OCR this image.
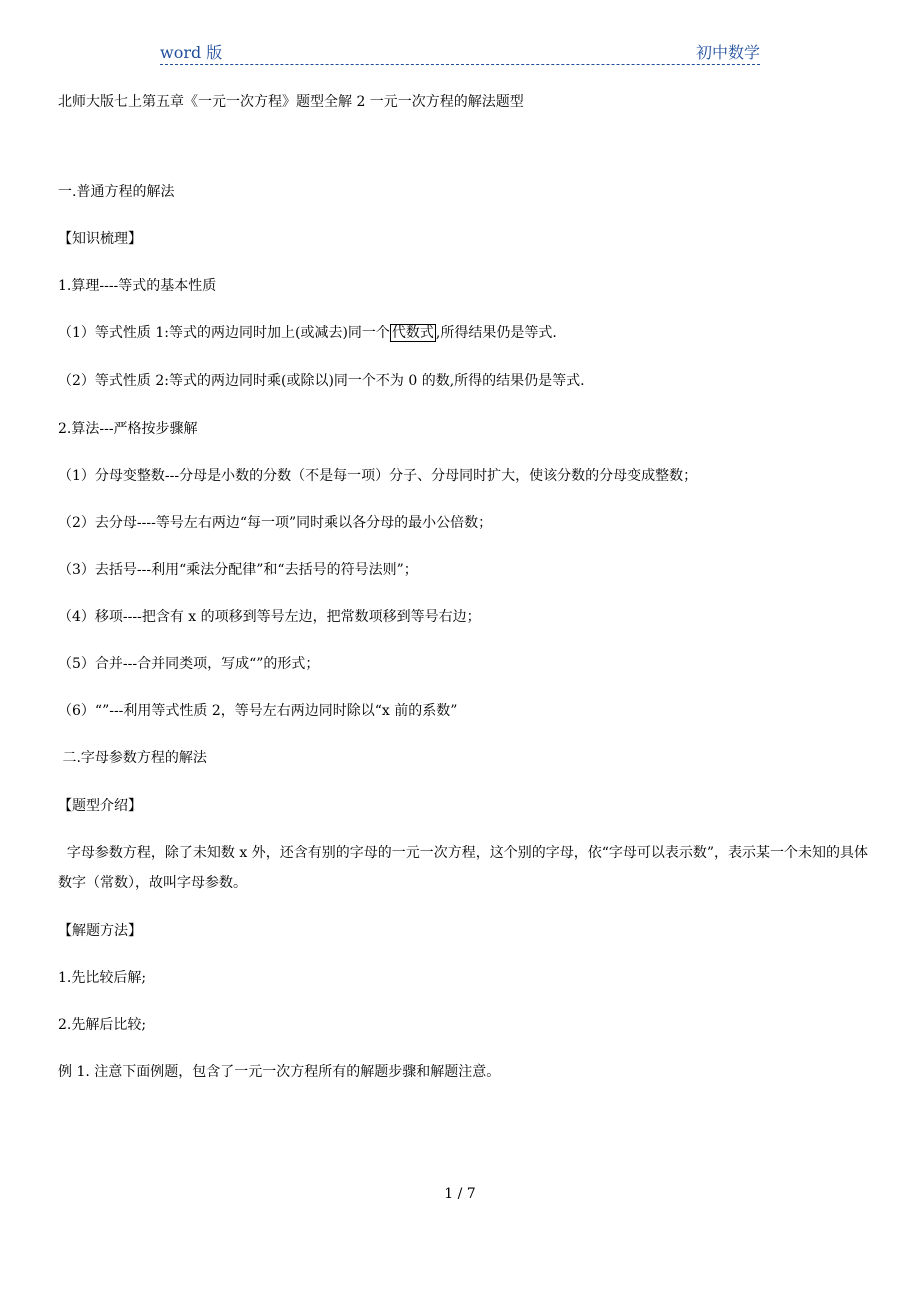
word 版	初中数学
北师大版七上第五章《一元一次方程》题型全解 2 一元一次方程的解法题型
一.普通方程的解法
【知识梳理】
1.算理----等式的基本性质
（1）等式性质 1:等式的两边同时加上(或减去)同一个 代数式 ,所得结果仍是等式.
（2）等式性质 2:等式的两边同时乘(或除以)同一个不为 0 的数,所得的结果仍是等式.
2.算法---严格按步骤解
（1）分母变整数---分母是小数的分数（不是每一项）分子、分母同时扩大，使该分数的分母变成整数；
（2）去分母----等号左右两边“每一项”同时乘以各分母的最小公倍数；
（3）去括号---利用“乘法分配律”和“去括号的符号法则”；
（4）移项----把含有 x 的项移到等号左边，把常数项移到等号右边；
（5）合并---合并同类项，写成“”的形式；
（6）“”---利用等式性质 2，等号左右两边同时除以“x 前的系数”
二.字母参数方程的解法
【题型介绍】
字母参数方程，除了未知数 x 外，还含有别的字母的一元一次方程，这个别的字母，依“字母可以表示数”，表示某一个未知的具体数字（常数），故叫字母参数。
【解题方法】
1.先比较后解;
2.先解后比较;
例 1. 注意下面例题，包含了一元一次方程所有的解题步骤和解题注意。
1 / 7
